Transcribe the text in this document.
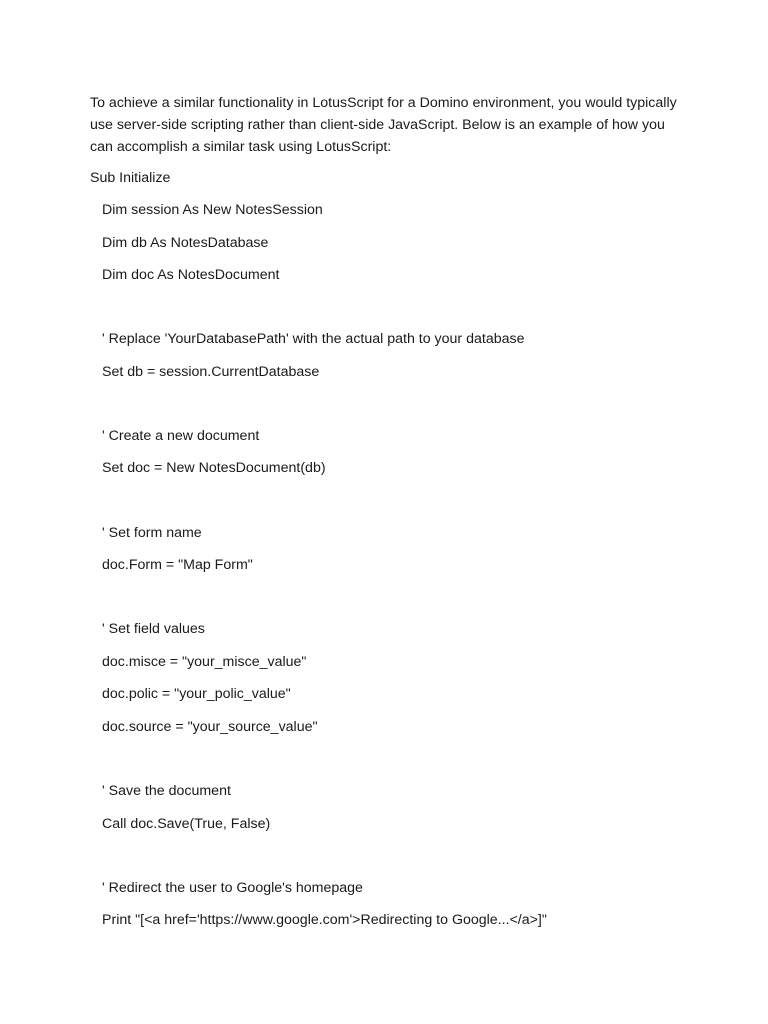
To achieve a similar functionality in LotusScript for a Domino environment, you would typically use server-side scripting rather than client-side JavaScript. Below is an example of how you can accomplish a similar task using LotusScript:

Sub Initialize
Dim session As New NotesSession
Dim db As NotesDatabase
Dim doc As NotesDocument
' Replace 'YourDatabasePath' with the actual path to your database
Set db = session.CurrentDatabase
' Create a new document
Set doc = New NotesDocument(db)
' Set form name
doc.Form = "Map Form"
' Set field values
doc.misce = "your_misce_value"
doc.polic = "your_polic_value"
doc.source = "your_source_value"
' Save the document
Call doc.Save(True, False)
' Redirect the user to Google's homepage
Print "[<a href='https://www.google.com'>Redirecting to Google...</a>]"
